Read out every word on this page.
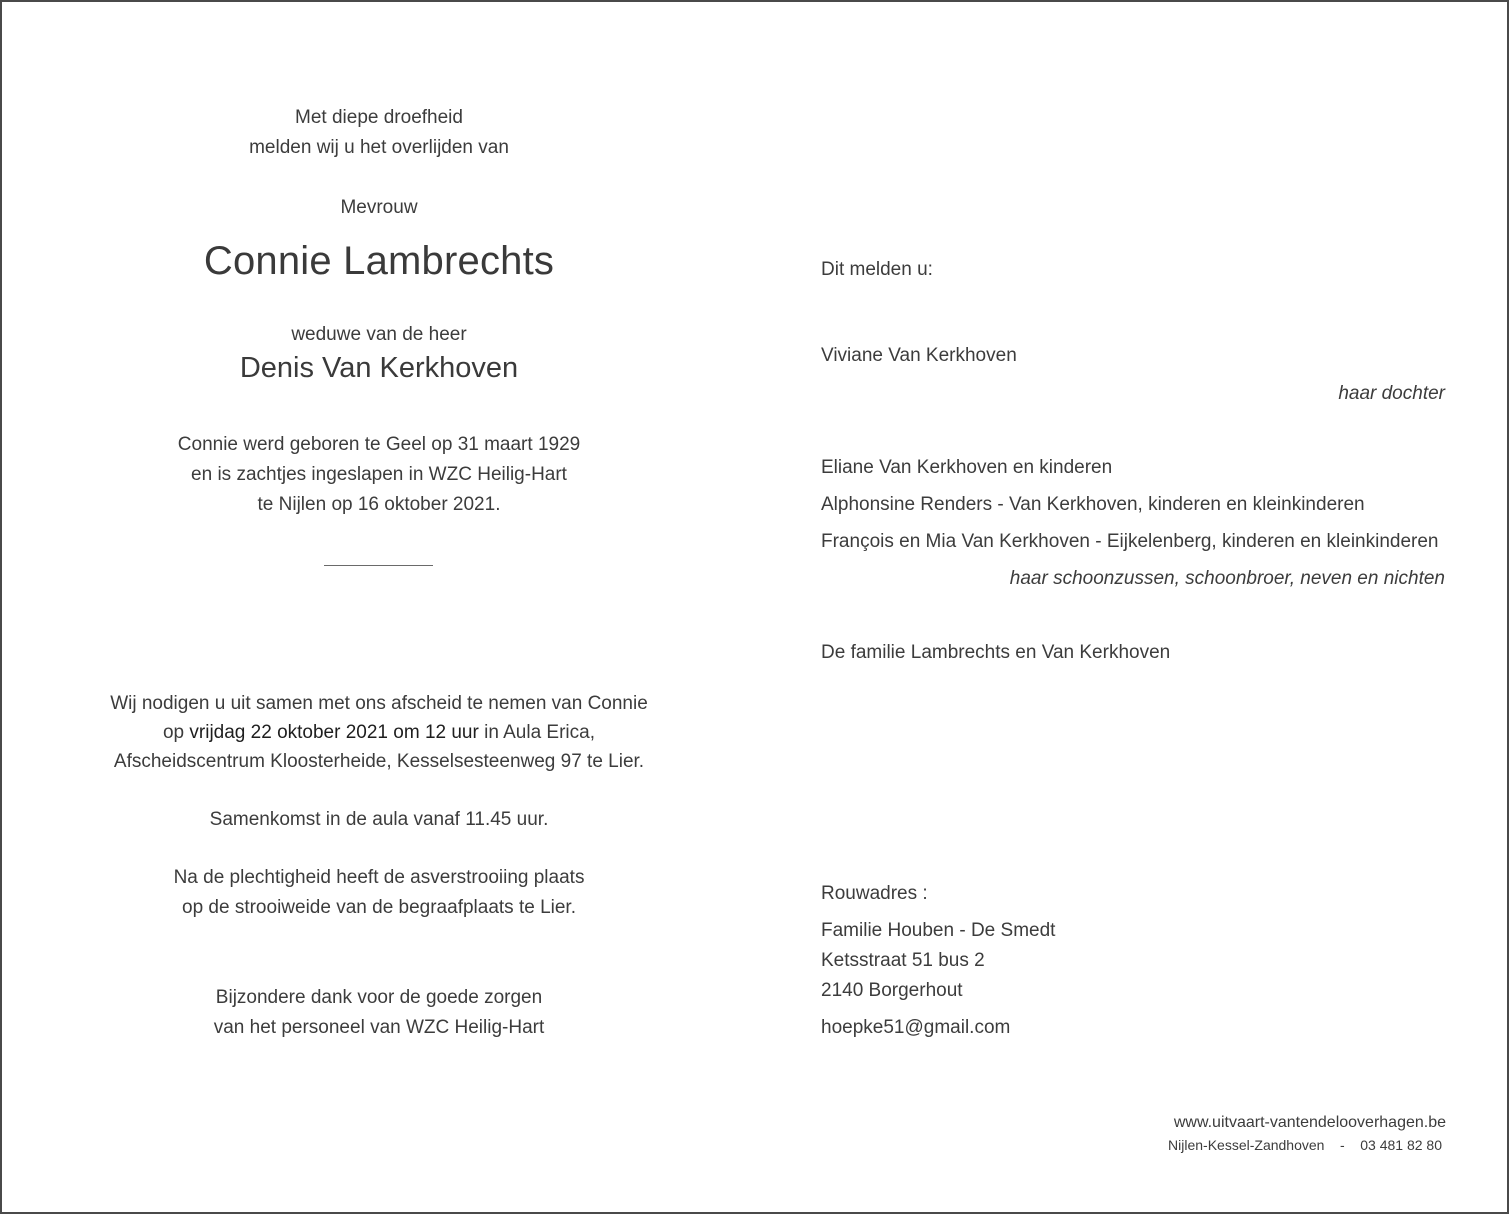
Met diepe droefheid
melden wij u het overlijden van
Mevrouw
Connie Lambrechts
weduwe van de heer
Denis Van Kerkhoven
Connie werd geboren te Geel op 31 maart 1929
en is zachtjes ingeslapen in WZC Heilig-Hart
te Nijlen op 16 oktober 2021.
Wij nodigen u uit samen met ons afscheid te nemen van Connie
op vrijdag 22 oktober 2021 om 12 uur in Aula Erica,
Afscheidscentrum Kloosterheide, Kesselsesteenweg 97 te Lier.
Samenkomst in de aula vanaf 11.45 uur.
Na de plechtigheid heeft de asverstrooiing plaats
op de strooiweide van de begraafplaats te Lier.
Bijzondere dank voor de goede zorgen
van het personeel van WZC Heilig-Hart
Dit melden u:
Viviane Van Kerkhoven
haar dochter
Eliane Van Kerkhoven en kinderen
Alphonsine Renders - Van Kerkhoven, kinderen en kleinkinderen
François en Mia Van Kerkhoven - Eijkelenberg, kinderen en kleinkinderen
haar schoonzussen, schoonbroer, neven en nichten
De familie Lambrechts en Van Kerkhoven
Rouwadres :
Familie Houben - De Smedt
Ketsstraat 51 bus 2
2140 Borgerhout
hoepke51@gmail.com
www.uitvaart-vantendelooverhagen.be
Nijlen-Kessel-Zandhoven - 03 481 82 80
